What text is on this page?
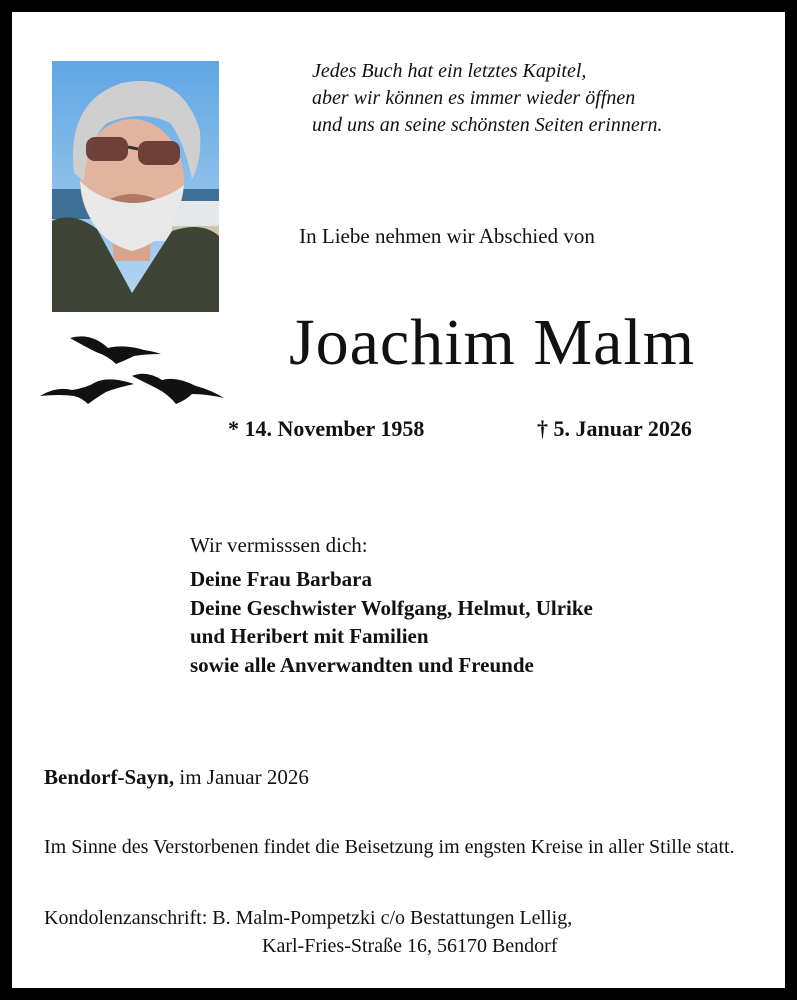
Jedes Buch hat ein letztes Kapitel,
aber wir können es immer wieder öffnen
und uns an seine schönsten Seiten erinnern.
In Liebe nehmen wir Abschied von
Joachim Malm
* 14. November 1958	† 5. Januar 2026
Wir vermisssen dich:
Deine Frau Barbara
Deine Geschwister Wolfgang, Helmut, Ulrike
und Heribert mit Familien
sowie alle Anverwandten und Freunde
Bendorf-Sayn, im Januar 2026
Im Sinne des Verstorbenen findet die Beisetzung im engsten Kreise in aller Stille statt.
Kondolenzanschrift: B. Malm-Pompetzki c/o Bestattungen Lellig,
Karl-Fries-Straße 16, 56170 Bendorf
